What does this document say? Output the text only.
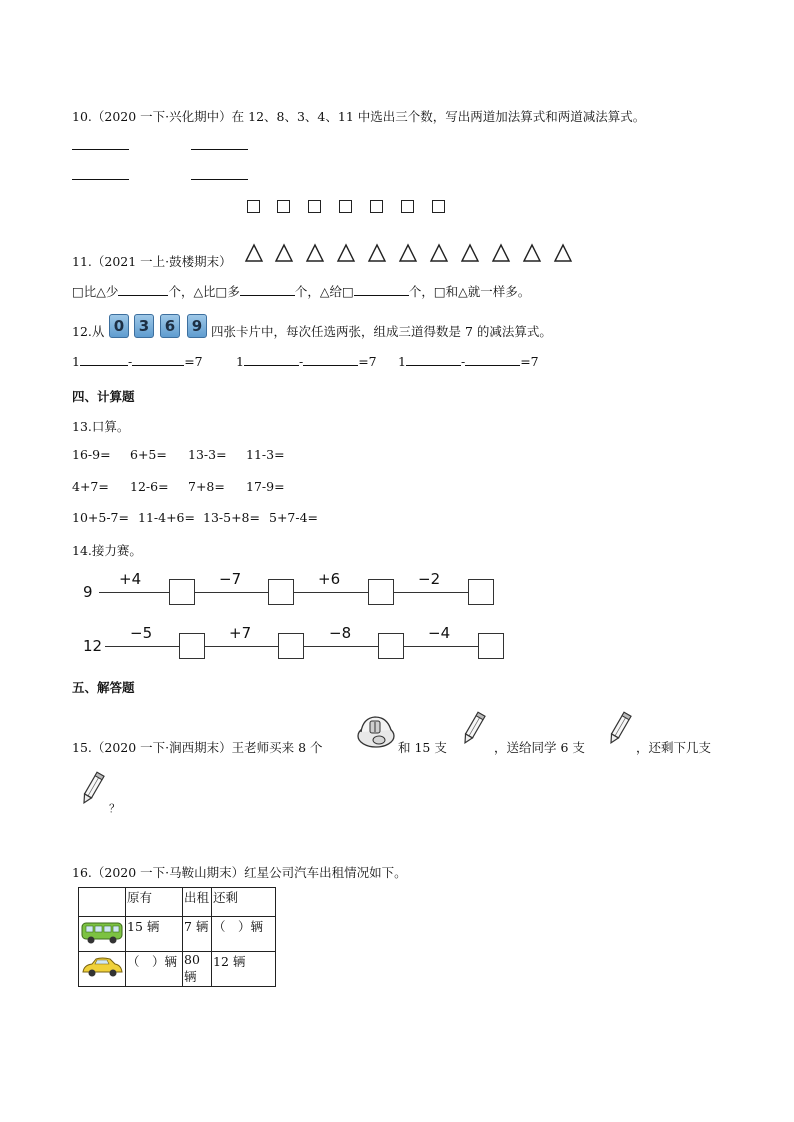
10.（2020 一下·兴化期中）在 12、8、3、4、11 中选出三个数，写出两道加法算式和两道减法算式。
11.（2021 一上·鼓楼期末）
□比△少	个，△比□多	个，△给□	个，□和△就一样多。
12.从 0 3	6	9 四张卡片中，每次任选两张，组成三道得数是 7 的减法算式。
1	-	=7	1	-	=7 1	-	=7
四、计算题
13.口算。
16-9= 6+5= 13-3= 11-3=
4+7= 12-6= 7+8= 17-9=
10+5-7= 11-4+6= 13-5+8= 5+7-4=
14.接力赛。
9
+4	−7	+6	−2
12
−5	+7	−8	−4
五、解答题
15.（2020 一下·涧西期末）王老师买来 8 个	和 15 支	，送给同学 6 支	，还剩下几支
？
16.（2020 一下·马鞍山期末）红星公司汽车出租情况如下。
	原有	出租	还剩
	15 辆	7 辆	（　）辆
	（　）辆	80 辆	12 辆
